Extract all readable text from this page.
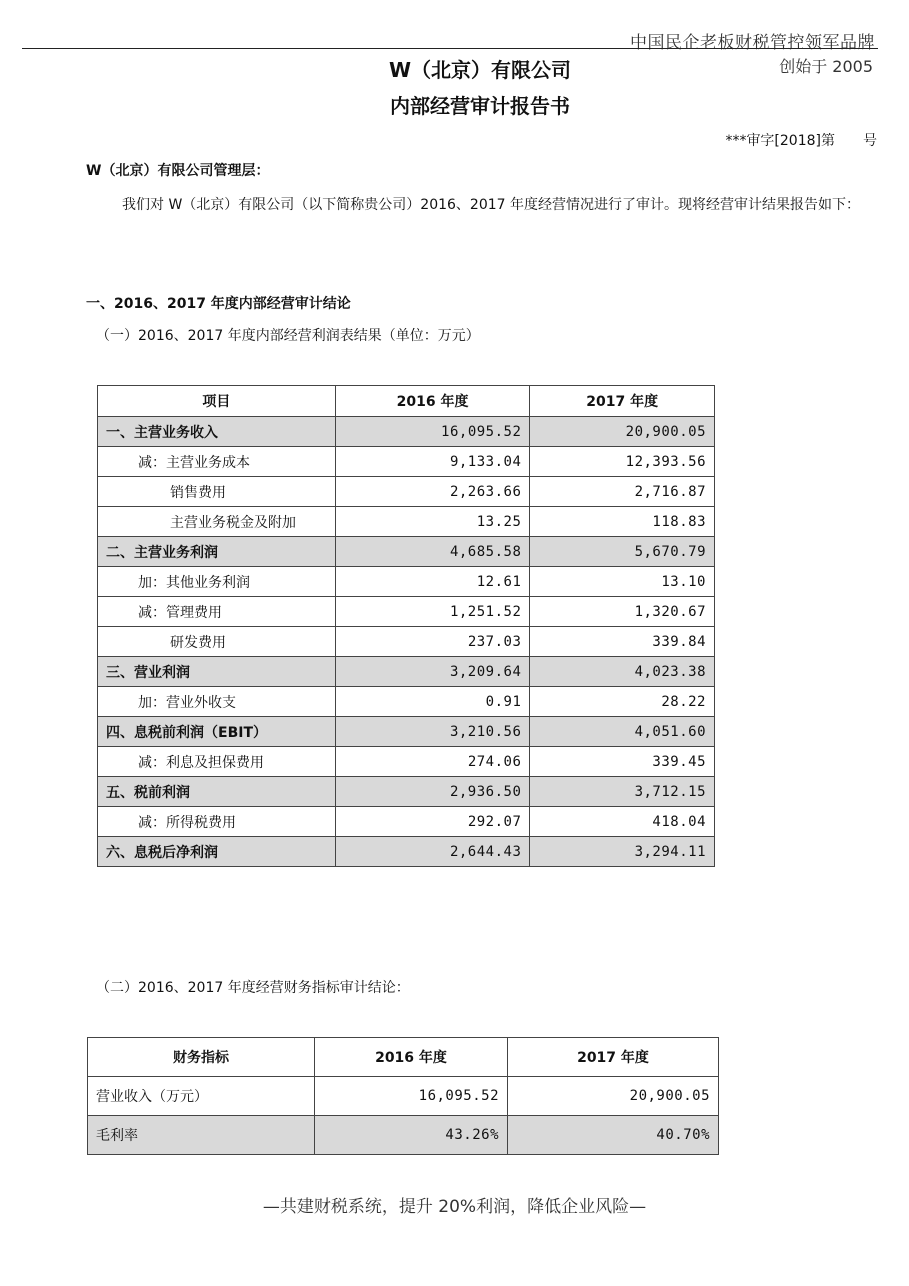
中国民企老板财税管控领军品牌
创始于 2005
W（北京）有限公司
内部经营审计报告书
***审字[2018]第　　号
W（北京）有限公司管理层：
我们对 W（北京）有限公司（以下简称贵公司）2016、2017 年度经营情况进行了审计。现将经营审计结果报告如下：
一、2016、2017 年度内部经营审计结论
（一）2016、2017 年度内部经营利润表结果（单位：万元）
项目	2016 年度	2017 年度
一、主营业务收入	16,095.52	20,900.05
减：主营业务成本	9,133.04	12,393.56
销售费用	2,263.66	2,716.87
主营业务税金及附加	13.25	118.83
二、主营业务利润	4,685.58	5,670.79
加：其他业务利润	12.61	13.10
减：管理费用	1,251.52	1,320.67
研发费用	237.03	339.84
三、营业利润	3,209.64	4,023.38
加：营业外收支	0.91	28.22
四、息税前利润（EBIT）	3,210.56	4,051.60
减：利息及担保费用	274.06	339.45
五、税前利润	2,936.50	3,712.15
减：所得税费用	292.07	418.04
六、息税后净利润	2,644.43	3,294.11
（二）2016、2017 年度经营财务指标审计结论：
财务指标	2016 年度	2017 年度
营业收入（万元）	16,095.52	20,900.05
毛利率	43.26%	40.70%
—共建财税系统，提升 20%利润，降低企业风险—
